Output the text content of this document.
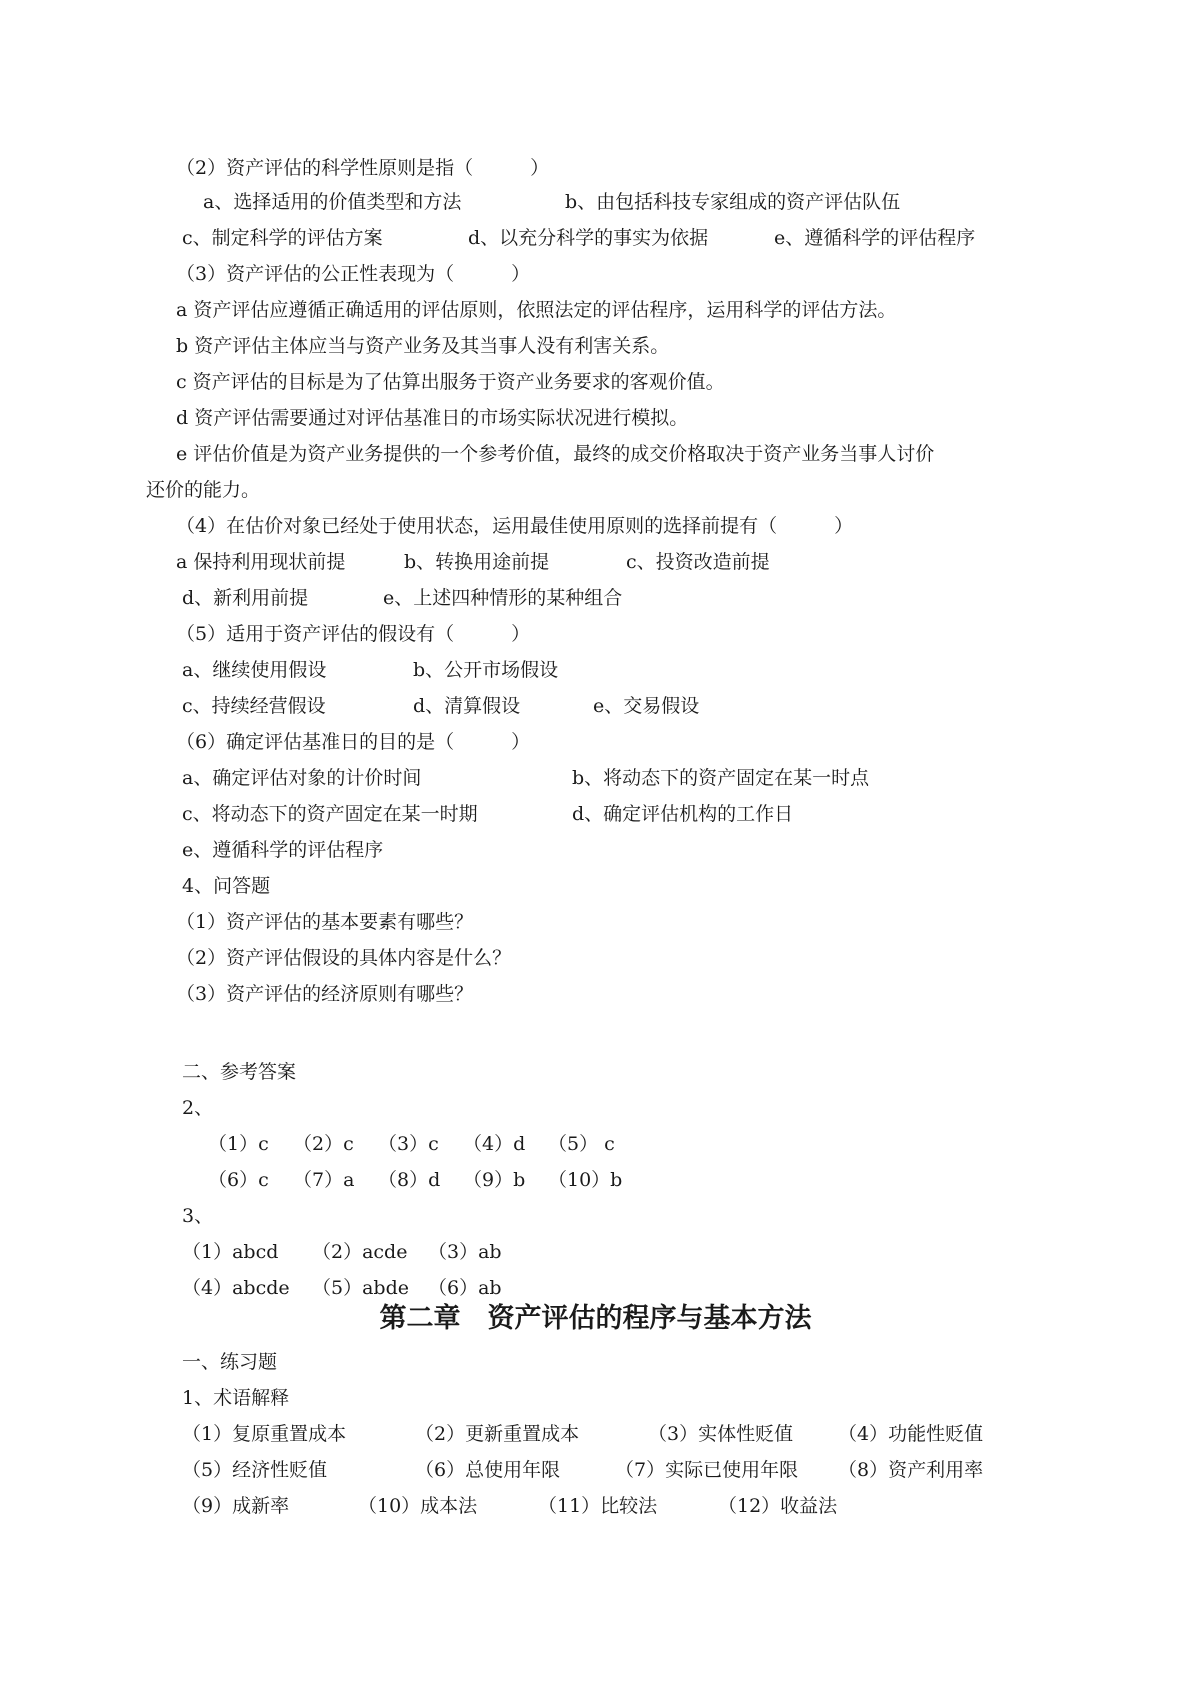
（2）资产评估的科学性原则是指（　　　）
a、选择适用的价值类型和方法	b、由包括科技专家组成的资产评估队伍
c、制定科学的评估方案	d、以充分科学的事实为依据	e、遵循科学的评估程序
（3）资产评估的公正性表现为（　　　）
a 资产评估应遵循正确适用的评估原则，依照法定的评估程序，运用科学的评估方法。
b 资产评估主体应当与资产业务及其当事人没有利害关系。
c 资产评估的目标是为了估算出服务于资产业务要求的客观价值。
d 资产评估需要通过对评估基准日的市场实际状况进行模拟。
e 评估价值是为资产业务提供的一个参考价值，最终的成交价格取决于资产业务当事人讨价
还价的能力。
（4）在估价对象已经处于使用状态，运用最佳使用原则的选择前提有（　　　）
a 保持利用现状前提	b、转换用途前提	c、投资改造前提
d、新利用前提	e、上述四种情形的某种组合
（5）适用于资产评估的假设有（　　　）
a、继续使用假设	b、公开市场假设
c、持续经营假设	d、清算假设	e、交易假设
（6）确定评估基准日的目的是（　　　）
a、确定评估对象的计价时间	b、将动态下的资产固定在某一时点
c、将动态下的资产固定在某一时期	d、确定评估机构的工作日
e、遵循科学的评估程序
4、问答题
（1）资产评估的基本要素有哪些？
（2）资产评估假设的具体内容是什么？
（3）资产评估的经济原则有哪些？
二、参考答案
2、
（1）c （2）c （3）c （4）d （5） c
（6）c （7）a （8）d （9）b （10）b
3、
（1）abcd （2）acde （3）ab
（4）abcde （5）abde （6）ab
第二章　资产评估的程序与基本方法
一、练习题
1、术语解释
（1）复原重置成本	（2）更新重置成本	（3）实体性贬值 （4）功能性贬值
（5）经济性贬值	（6）总使用年限	（7）实际已使用年限 （8）资产利用率
（9）成新率	（10）成本法	（11）比较法	（12）收益法
